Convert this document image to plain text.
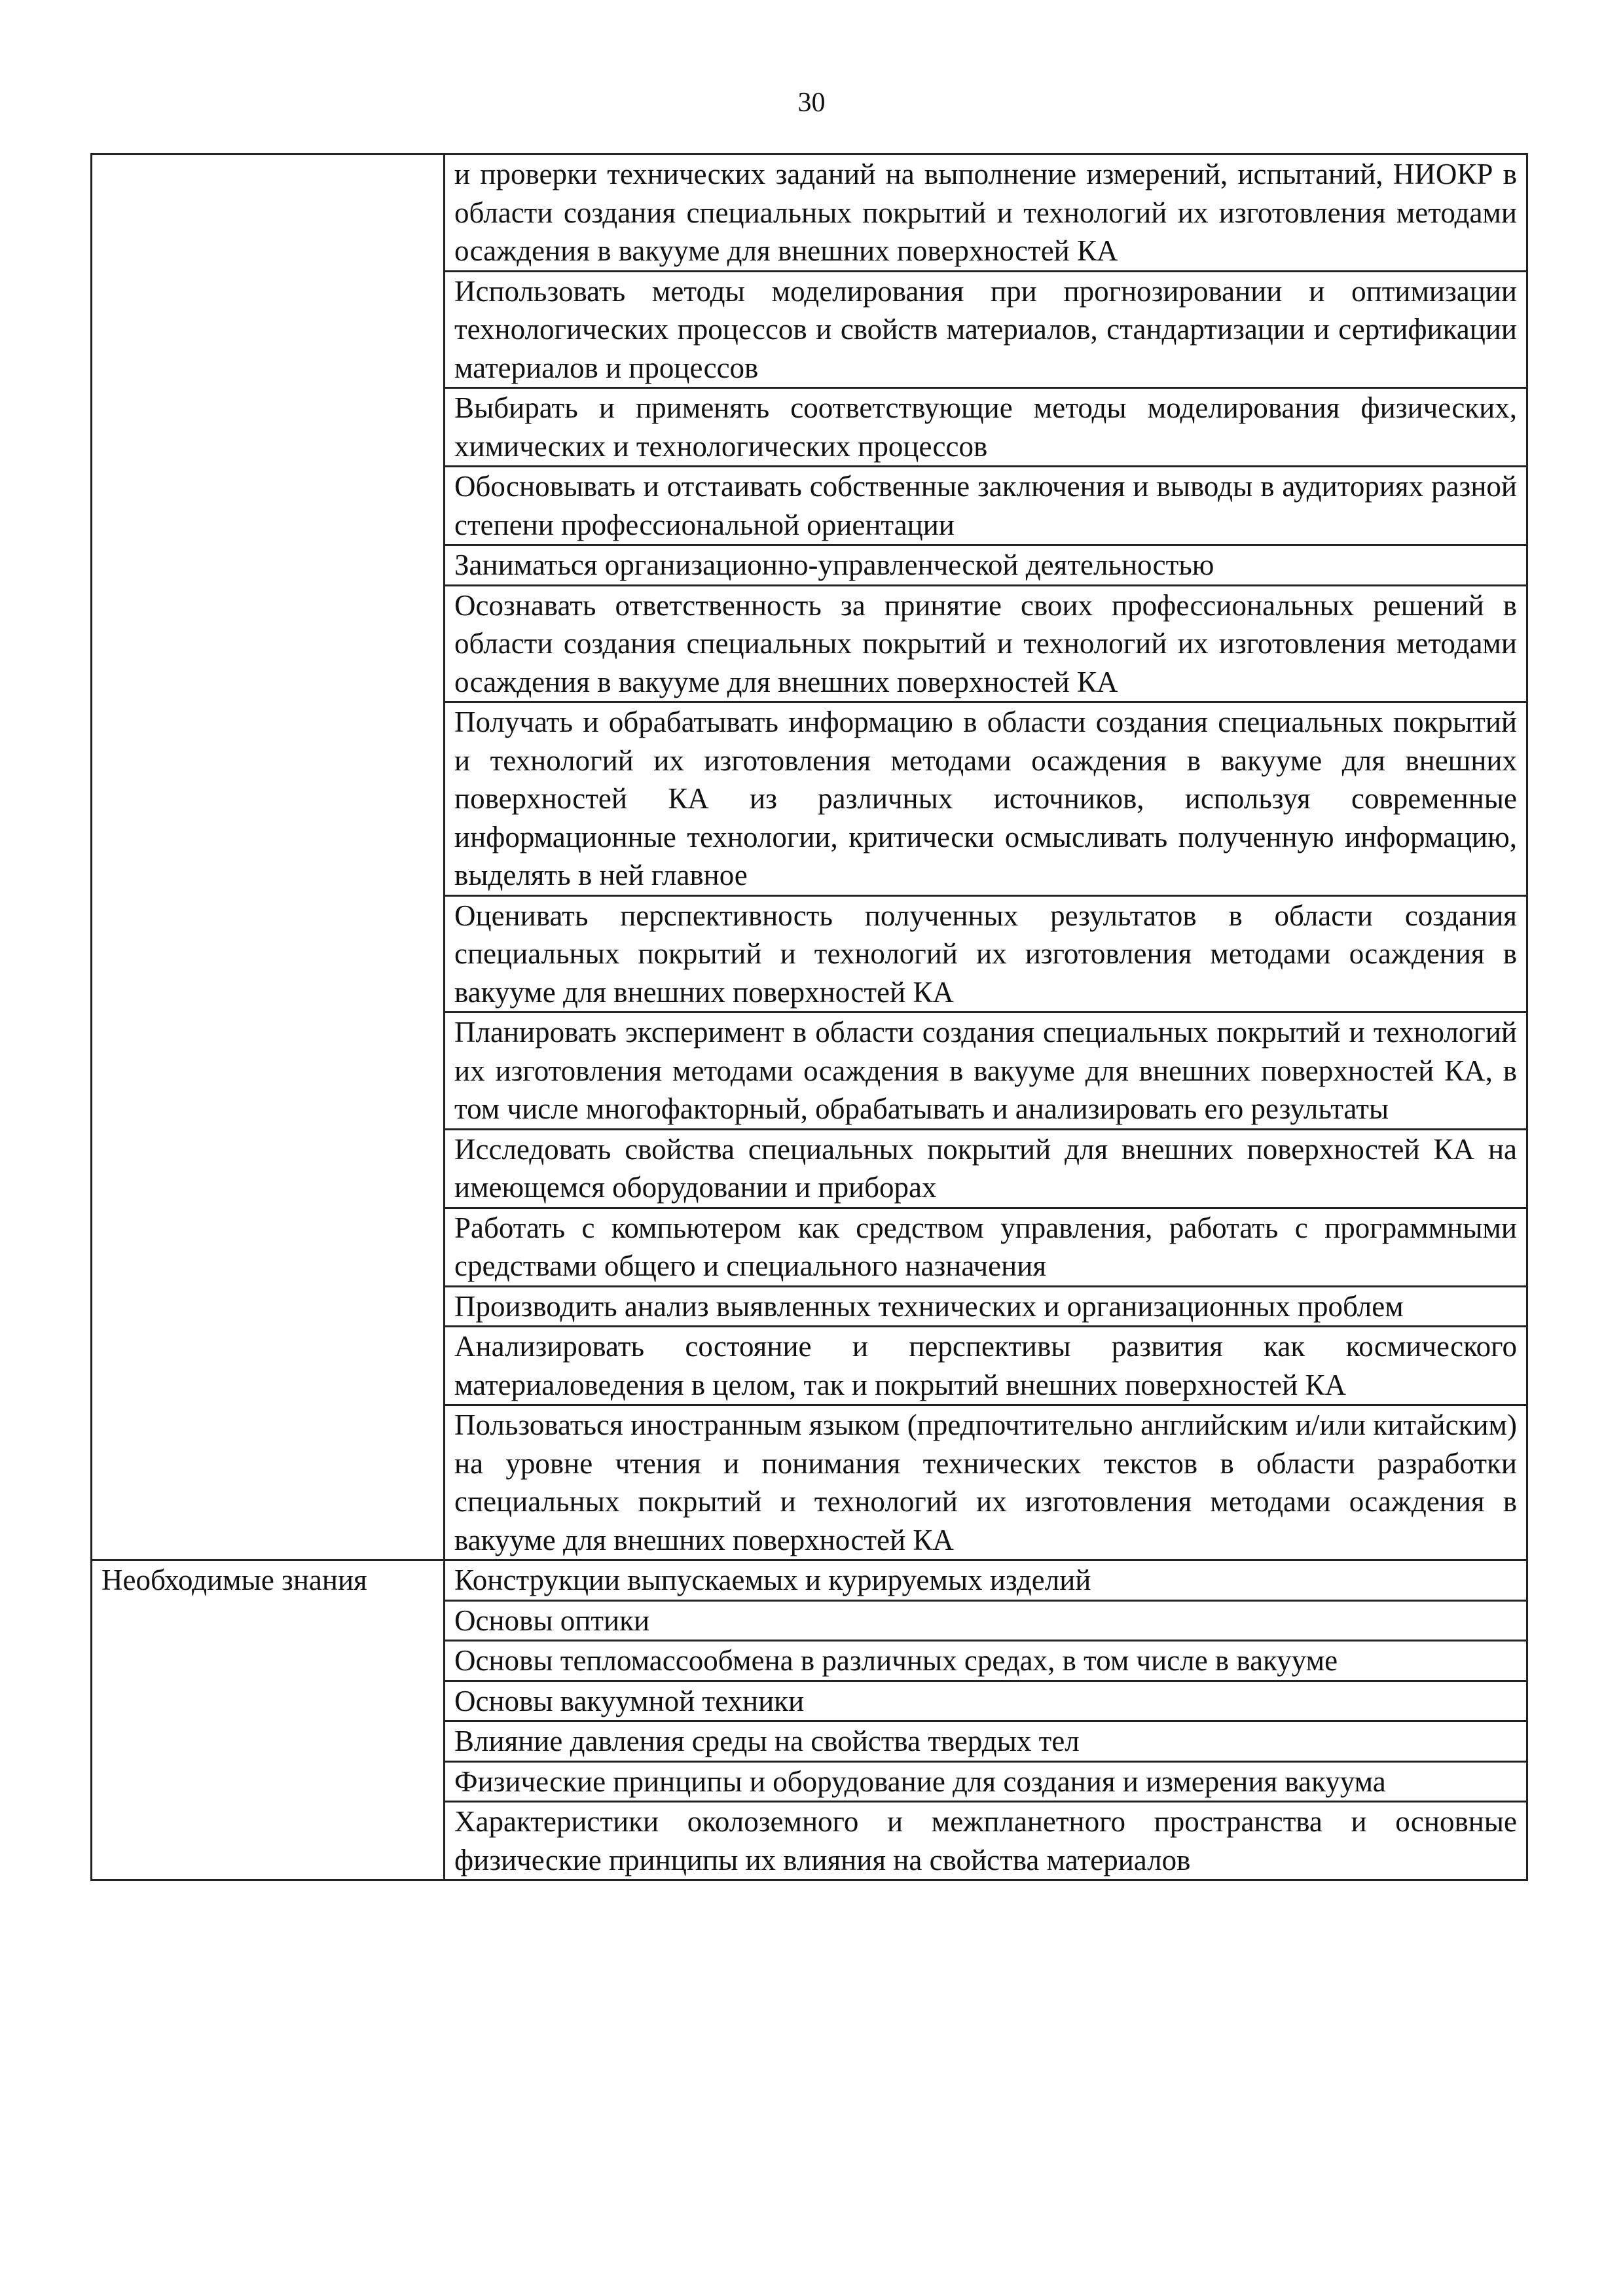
30
	и проверки технических заданий на выполнение измерений, испытаний, НИОКР в области создания специальных покрытий и технологий их изготовления методами осаждения в вакууме для внешних поверхностей КА
	Использовать методы моделирования при прогнозировании и оптимизации технологических процессов и свойств материалов, стандартизации и сертификации материалов и процессов
	Выбирать и применять соответствующие методы моделирования физических, химических и технологических процессов
	Обосновывать и отстаивать собственные заключения и выводы в аудиториях разной степени профессиональной ориентации
	Заниматься организационно-управленческой деятельностью
	Осознавать ответственность за принятие своих профессиональных решений в области создания специальных покрытий и технологий их изготовления методами осаждения в вакууме для внешних поверхностей КА
	Получать и обрабатывать информацию в области создания специальных покрытий и технологий их изготовления методами осаждения в вакууме для внешних поверхностей КА из различных источников, используя современные информационные технологии, критически осмысливать полученную информацию, выделять в ней главное
	Оценивать перспективность полученных результатов в области создания специальных покрытий и технологий их изготовления методами осаждения в вакууме для внешних поверхностей КА
	Планировать эксперимент в области создания специальных покрытий и технологий их изготовления методами осаждения в вакууме для внешних поверхностей КА, в том числе многофакторный, обрабатывать и анализировать его результаты
	Исследовать свойства специальных покрытий для внешних поверхностей КА на имеющемся оборудовании и приборах
	Работать с компьютером как средством управления, работать с программными средствами общего и специального назначения
	Производить анализ выявленных технических и организационных проблем
	Анализировать состояние и перспективы развития как космического материаловедения в целом, так и покрытий внешних поверхностей КА
	Пользоваться иностранным языком (предпочтительно английским и/или китайским) на уровне чтения и понимания технических текстов в области разработки специальных покрытий и технологий их изготовления методами осаждения в вакууме для внешних поверхностей КА
Необходимые знания	Конструкции выпускаемых и курируемых изделий
	Основы оптики
	Основы тепломассообмена в различных средах, в том числе в вакууме
	Основы вакуумной техники
	Влияние давления среды на свойства твердых тел
	Физические принципы и оборудование для создания и измерения вакуума
	Характеристики околоземного и межпланетного пространства и основные физические принципы их влияния на свойства материалов
